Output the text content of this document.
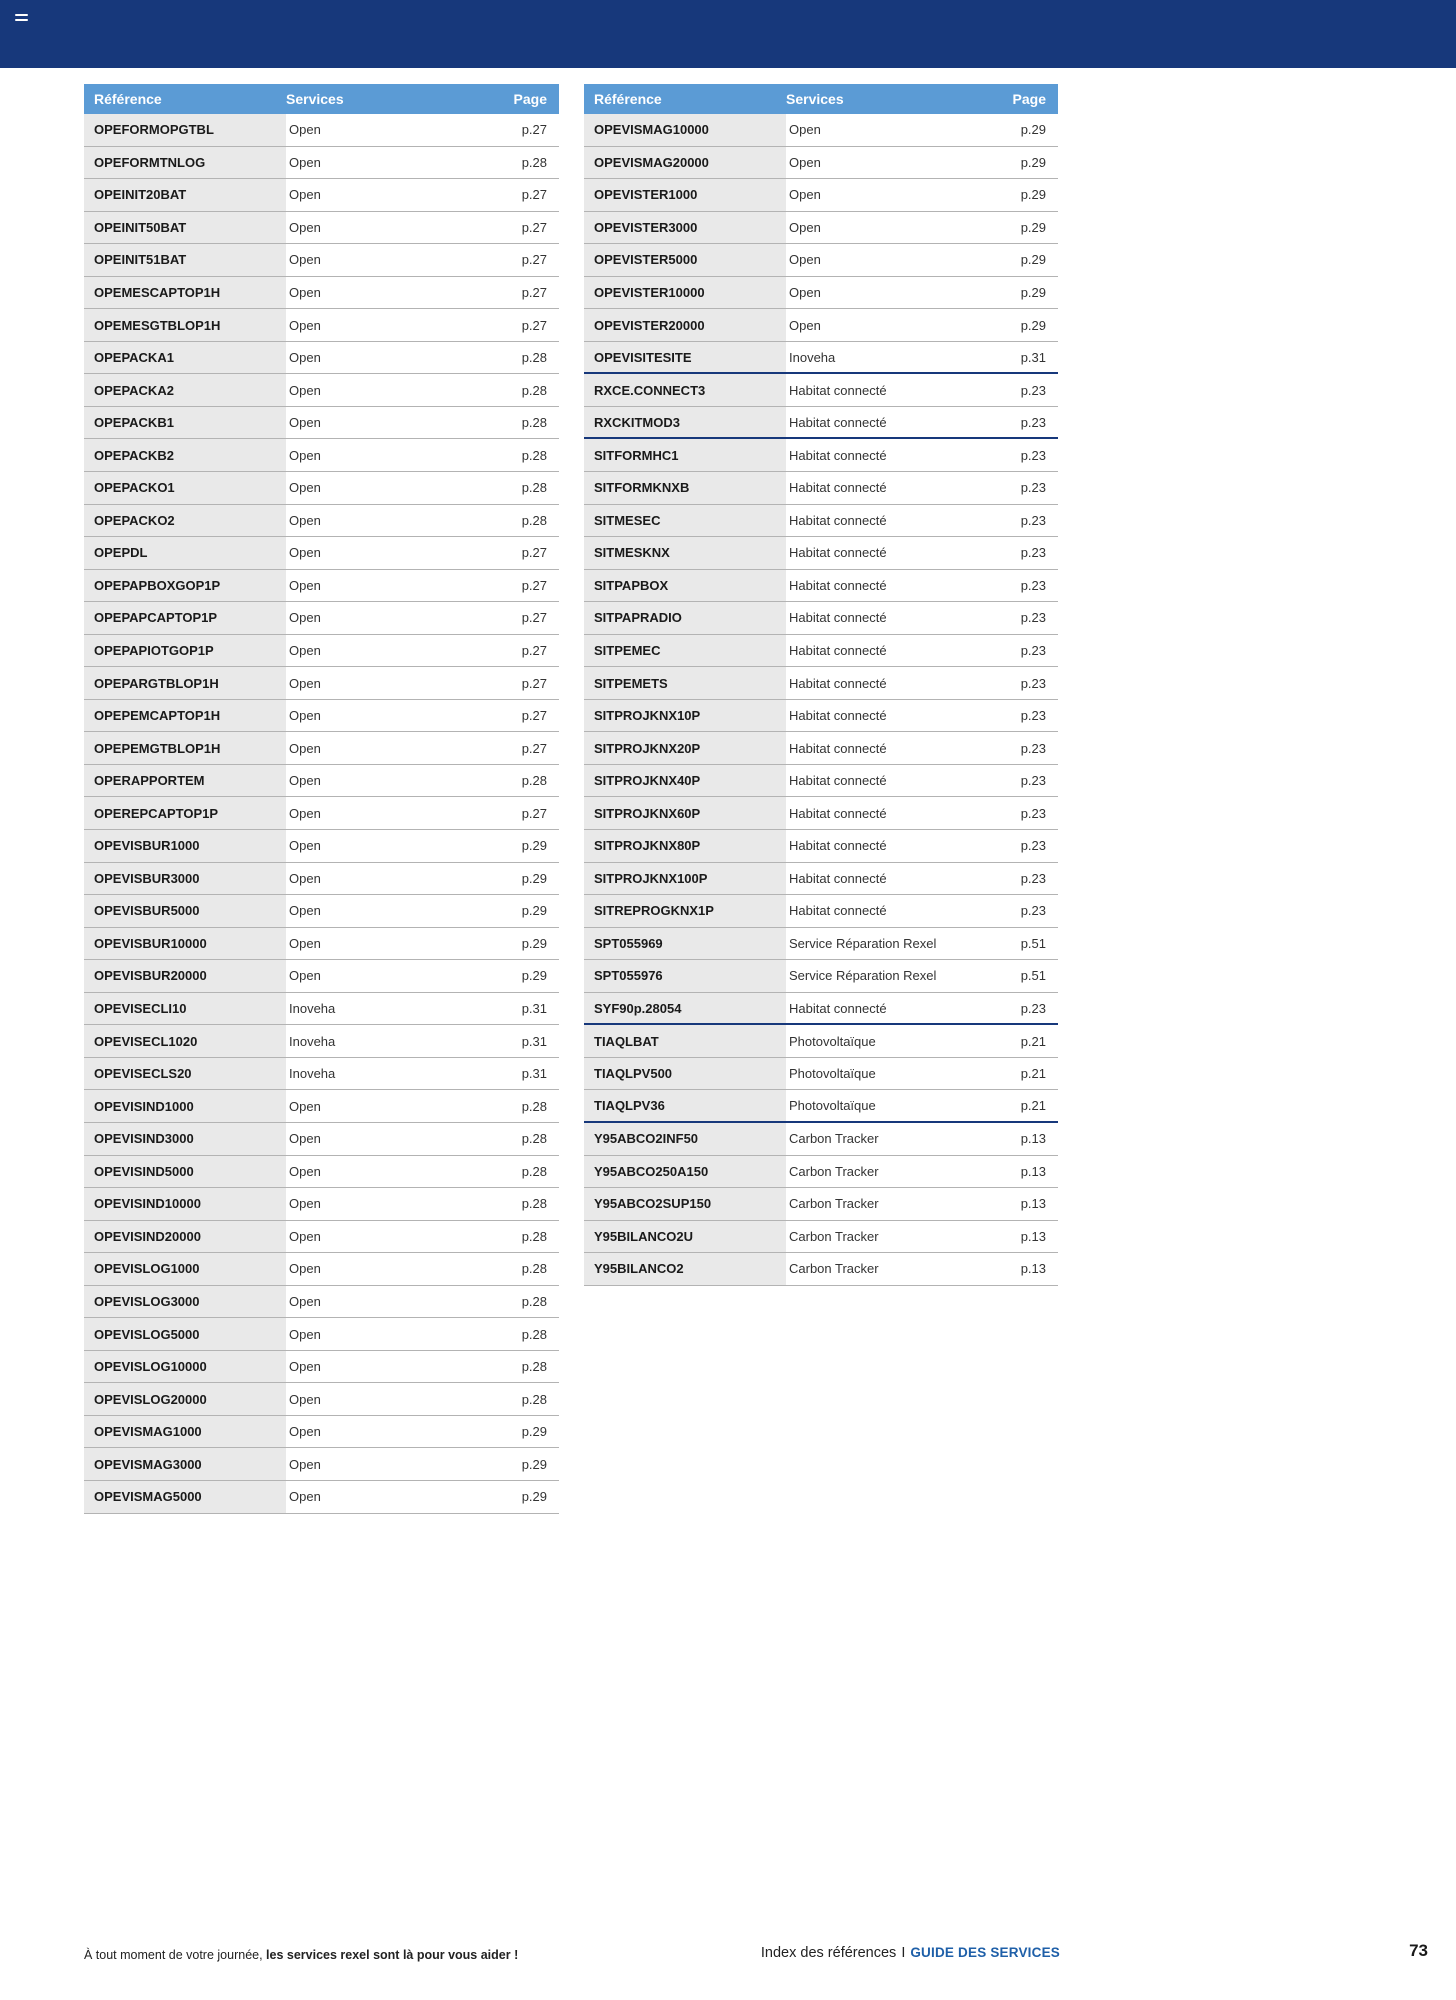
Référence	Services	Page
OPEFORMOPGTBL	Open	p.27
OPEFORMTNLOG	Open	p.28
OPEINIT20BAT	Open	p.27
OPEINIT50BAT	Open	p.27
OPEINIT51BAT	Open	p.27
OPEMESCAPTOP1H	Open	p.27
OPEMESGTBLOP1H	Open	p.27
OPEPACKA1	Open	p.28
OPEPACKA2	Open	p.28
OPEPACKB1	Open	p.28
OPEPACKB2	Open	p.28
OPEPACKO1	Open	p.28
OPEPACKO2	Open	p.28
OPEPDL	Open	p.27
OPEPAPBOXGOP1P	Open	p.27
OPEPAPCAPTOP1P	Open	p.27
OPEPAPIOTGOP1P	Open	p.27
OPEPARGTBLOP1H	Open	p.27
OPEPEMCAPTOP1H	Open	p.27
OPEPEMGTBLOP1H	Open	p.27
OPERAPPORTEM	Open	p.28
OPEREPCAPTOP1P	Open	p.27
OPEVISBUR1000	Open	p.29
OPEVISBUR3000	Open	p.29
OPEVISBUR5000	Open	p.29
OPEVISBUR10000	Open	p.29
OPEVISBUR20000	Open	p.29
OPEVISECLI10	Inoveha	p.31
OPEVISECL1020	Inoveha	p.31
OPEVISECLS20	Inoveha	p.31
OPEVISIND1000	Open	p.28
OPEVISIND3000	Open	p.28
OPEVISIND5000	Open	p.28
OPEVISIND10000	Open	p.28
OPEVISIND20000	Open	p.28
OPEVISLOG1000	Open	p.28
OPEVISLOG3000	Open	p.28
OPEVISLOG5000	Open	p.28
OPEVISLOG10000	Open	p.28
OPEVISLOG20000	Open	p.28
OPEVISMAG1000	Open	p.29
OPEVISMAG3000	Open	p.29
OPEVISMAG5000	Open	p.29
Référence	Services	Page
OPEVISMAG10000	Open	p.29
OPEVISMAG20000	Open	p.29
OPEVISTER1000	Open	p.29
OPEVISTER3000	Open	p.29
OPEVISTER5000	Open	p.29
OPEVISTER10000	Open	p.29
OPEVISTER20000	Open	p.29
OPEVISITESITE	Inoveha	p.31
RXCE.CONNECT3	Habitat connecté	p.23
RXCKITMOD3	Habitat connecté	p.23
SITFORMHC1	Habitat connecté	p.23
SITFORMKNXB	Habitat connecté	p.23
SITMESEC	Habitat connecté	p.23
SITMESKNX	Habitat connecté	p.23
SITPAPBOX	Habitat connecté	p.23
SITPAPRADIO	Habitat connecté	p.23
SITPEMEC	Habitat connecté	p.23
SITPEMETS	Habitat connecté	p.23
SITPROJKNX10P	Habitat connecté	p.23
SITPROJKNX20P	Habitat connecté	p.23
SITPROJKNX40P	Habitat connecté	p.23
SITPROJKNX60P	Habitat connecté	p.23
SITPROJKNX80P	Habitat connecté	p.23
SITPROJKNX100P	Habitat connecté	p.23
SITREPROGKNX1P	Habitat connecté	p.23
SPT055969	Service Réparation Rexel	p.51
SPT055976	Service Réparation Rexel	p.51
SYF90p.28054	Habitat connecté	p.23
TIAQLBAT	Photovoltaïque	p.21
TIAQLPV500	Photovoltaïque	p.21
TIAQLPV36	Photovoltaïque	p.21
Y95ABCO2INF50	Carbon Tracker	p.13
Y95ABCO250A150	Carbon Tracker	p.13
Y95ABCO2SUP150	Carbon Tracker	p.13
Y95BILANCO2U	Carbon Tracker	p.13
Y95BILANCO2	Carbon Tracker	p.13
À tout moment de votre journée, les services rexel sont là pour vous aider !	Index des références I GUIDE DES SERVICES	73
